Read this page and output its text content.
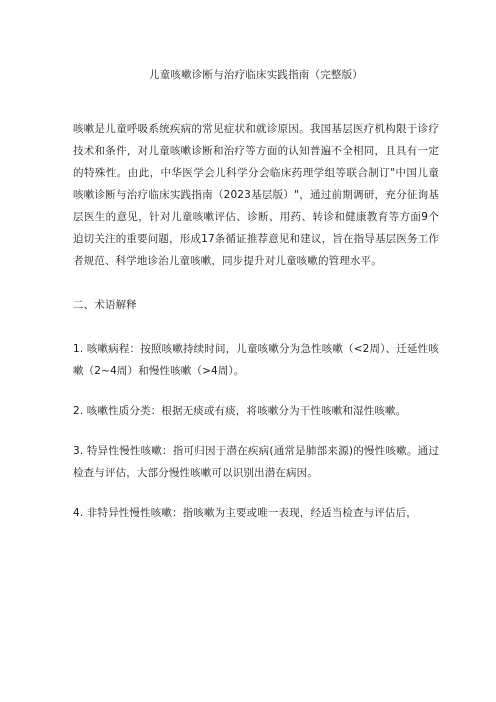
儿童咳嗽诊断与治疗临床实践指南（完整版）

咳嗽是儿童呼吸系统疾病的常见症状和就诊原因。我国基层医疗机构限于诊疗技术和条件，对儿童咳嗽诊断和治疗等方面的认知普遍不全相同，且具有一定的特殊性。由此，中华医学会儿科学分会临床药理学组等联合制订"中国儿童咳嗽诊断与治疗临床实践指南（2023基层版）"，通过前期调研，充分征询基层医生的意见，针对儿童咳嗽评估、诊断、用药、转诊和健康教育等方面9个迫切关注的重要问题，形成17条循证推荐意见和建议，旨在指导基层医务工作者规范、科学地诊治儿童咳嗽，同步提升对儿童咳嗽的管理水平。

二、术语解释

1. 咳嗽病程：按照咳嗽持续时间，儿童咳嗽分为急性咳嗽（<2周）、迁延性咳嗽（2~4周）和慢性咳嗽（>4周）。

2. 咳嗽性质分类：根据无痰或有痰，将咳嗽分为干性咳嗽和湿性咳嗽。

3. 特异性慢性咳嗽：指可归因于潜在疾病(通常是肺部来源)的慢性咳嗽。通过检查与评估，大部分慢性咳嗽可以识别出潜在病因。

4. 非特异性慢性咳嗽：指咳嗽为主要或唯一表现，经适当检查与评估后，
